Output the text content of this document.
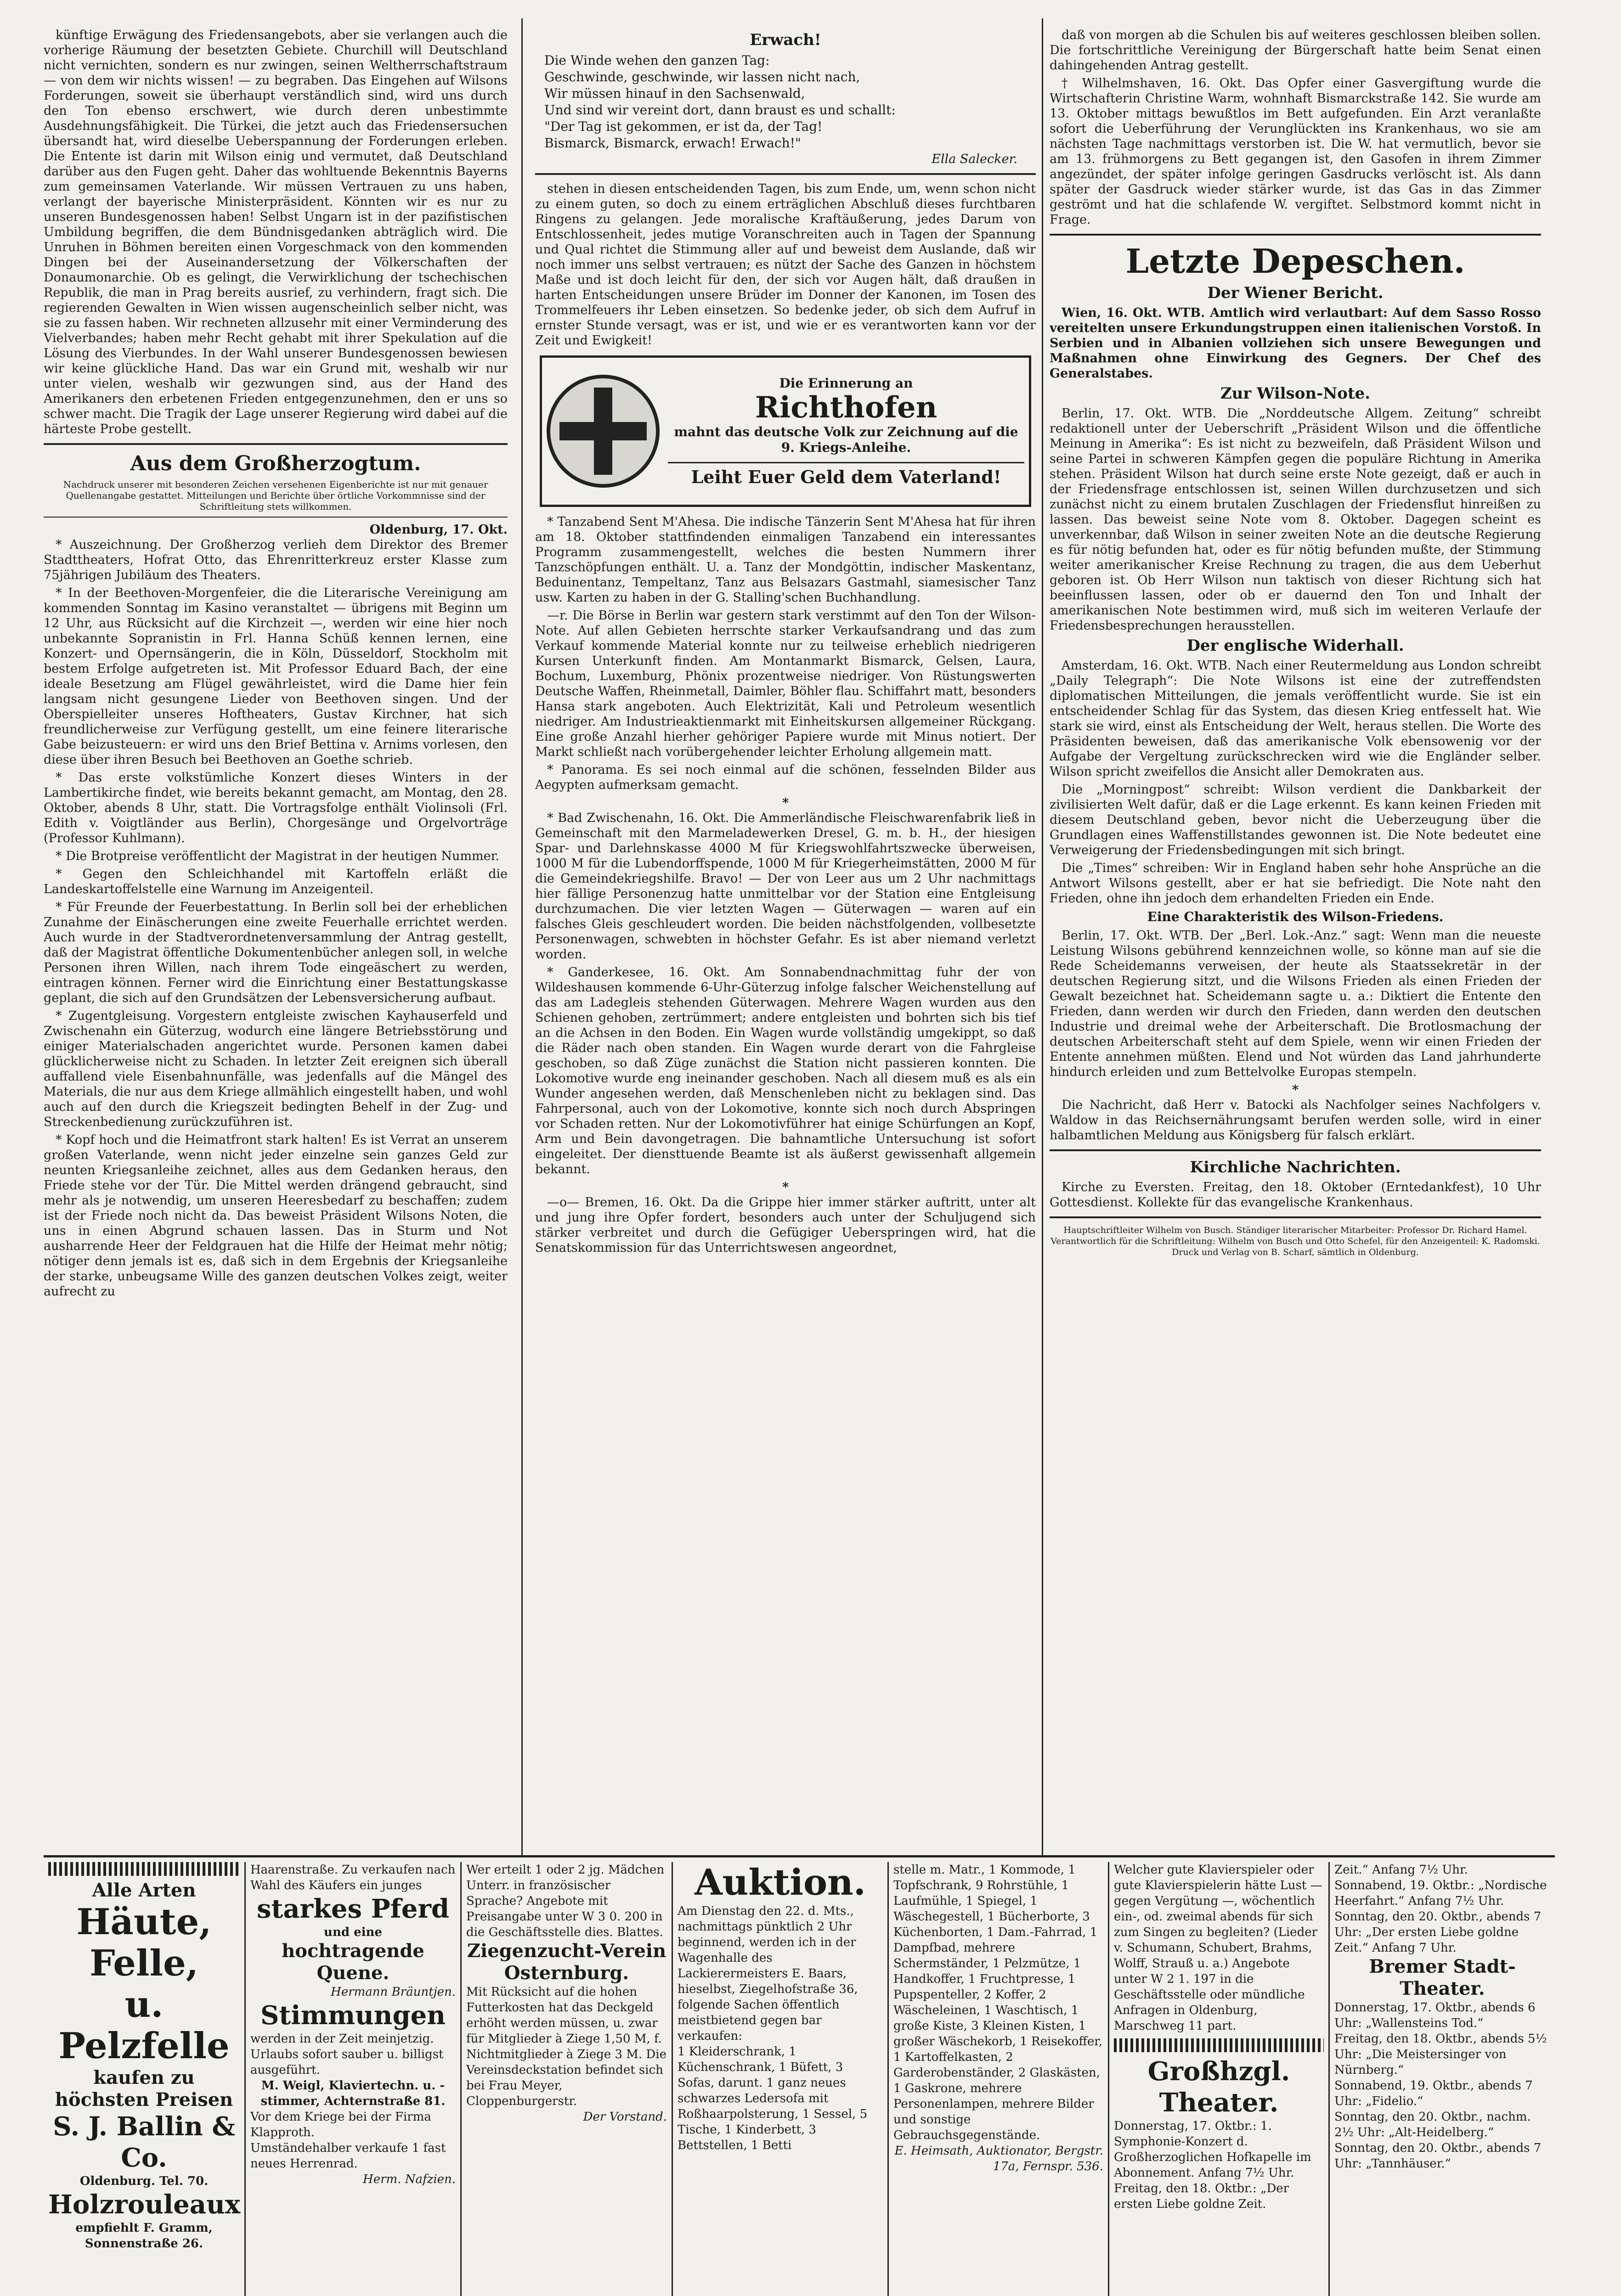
künftige Erwägung des Friedensangebots, aber sie verlangen auch die vorherige Räumung der besetzten Gebiete. Churchill will Deutschland nicht vernichten, sondern es nur zwingen, seinen Weltherrschaftstraum — von dem wir nichts wissen! — zu begraben. Das Eingehen auf Wilsons Forderungen, soweit sie überhaupt verständlich sind, wird uns durch den Ton ebenso erschwert, wie durch deren unbestimmte Ausdehnungsfähigkeit. Die Türkei, die jetzt auch das Friedensersuchen übersandt hat, wird dieselbe Ueberspannung der Forderungen erleben. Die Entente ist darin mit Wilson einig und vermutet, daß Deutschland darüber aus den Fugen geht. Daher das wohltuende Bekenntnis Bayerns zum gemeinsamen Vaterlande. Wir müssen Vertrauen zu uns haben, verlangt der bayerische Ministerpräsident. Könnten wir es nur zu unseren Bundesgenossen haben! Selbst Ungarn ist in der pazifistischen Umbildung begriffen, die dem Bündnisgedanken abträglich wird. Die Unruhen in Böhmen bereiten einen Vorgeschmack von den kommenden Dingen bei der Auseinandersetzung der Völkerschaften der Donaumonarchie. Ob es gelingt, die Verwirklichung der tschechischen Republik, die man in Prag bereits ausrief, zu verhindern, fragt sich. Die regierenden Gewalten in Wien wissen augenscheinlich selber nicht, was sie zu fassen haben. Wir rechneten allzusehr mit einer Verminderung des Vielverbandes; haben mehr Recht gehabt mit ihrer Spekulation auf die Lösung des Vierbundes. In der Wahl unserer Bundesgenossen bewiesen wir keine glückliche Hand. Das war ein Grund mit, weshalb wir nur unter vielen, weshalb wir gezwungen sind, aus der Hand des Amerikaners den erbetenen Frieden entgegenzunehmen, den er uns so schwer macht. Die Tragik der Lage unserer Regierung wird dabei auf die härteste Probe gestellt.

Aus dem Großherzogtum.
Nachdruck unserer mit besonderen Zeichen versehenen Eigenberichte ist nur mit genauer Quellenangabe gestattet. Mitteilungen und Berichte über örtliche Vorkommnisse sind der Schriftleitung stets willkommen.
Oldenburg, 17. Okt.

* Auszeichnung. Der Großherzog verlieh dem Direktor des Bremer Stadttheaters, Hofrat Otto, das Ehrenritterkreuz erster Klasse zum 75jährigen Jubiläum des Theaters.

* In der Beethoven-Morgenfeier, die die Literarische Vereinigung am kommenden Sonntag im Kasino veranstaltet — übrigens mit Beginn um 12 Uhr, aus Rücksicht auf die Kirchzeit —, werden wir eine hier noch unbekannte Sopranistin in Frl. Hanna Schüß kennen lernen, eine Konzert- und Opernsängerin, die in Köln, Düsseldorf, Stockholm mit bestem Erfolge aufgetreten ist. Mit Professor Eduard Bach, der eine ideale Besetzung am Flügel gewährleistet, wird die Dame hier fein langsam nicht gesungene Lieder von Beethoven singen. Und der Oberspielleiter unseres Hoftheaters, Gustav Kirchner, hat sich freundlicherweise zur Verfügung gestellt, um eine feinere literarische Gabe beizusteuern: er wird uns den Brief Bettina v. Arnims vorlesen, den diese über ihren Besuch bei Beethoven an Goethe schrieb.

* Das erste volkstümliche Konzert dieses Winters in der Lambertikirche findet, wie bereits bekannt gemacht, am Montag, den 28. Oktober, abends 8 Uhr, statt. Die Vortragsfolge enthält Violinsoli (Frl. Edith v. Voigtländer aus Berlin), Chorgesänge und Orgelvorträge (Professor Kuhlmann).

* Die Brotpreise veröffentlicht der Magistrat in der heutigen Nummer.

* Gegen den Schleichhandel mit Kartoffeln erläßt die Landeskartoffelstelle eine Warnung im Anzeigenteil.

* Für Freunde der Feuerbestattung. In Berlin soll bei der erheblichen Zunahme der Einäscherungen eine zweite Feuerhalle errichtet werden. Auch wurde in der Stadtverordnetenversammlung der Antrag gestellt, daß der Magistrat öffentliche Dokumentenbücher anlegen soll, in welche Personen ihren Willen, nach ihrem Tode eingeäschert zu werden, eintragen können. Ferner wird die Einrichtung einer Bestattungskasse geplant, die sich auf den Grundsätzen der Lebensversicherung aufbaut.

* Zugentgleisung. Vorgestern entgleiste zwischen Kayhauserfeld und Zwischenahn ein Güterzug, wodurch eine längere Betriebsstörung und einiger Materialschaden angerichtet wurde. Personen kamen dabei glücklicherweise nicht zu Schaden. In letzter Zeit ereignen sich überall auffallend viele Eisenbahnunfälle, was jedenfalls auf die Mängel des Materials, die nur aus dem Kriege allmählich eingestellt haben, und wohl auch auf den durch die Kriegszeit bedingten Behelf in der Zug- und Streckenbedienung zurückzuführen ist.

* Kopf hoch und die Heimatfront stark halten! Es ist Verrat an unserem großen Vaterlande, wenn nicht jeder einzelne sein ganzes Geld zur neunten Kriegsanleihe zeichnet, alles aus dem Gedanken heraus, den Friede stehe vor der Tür. Die Mittel werden drängend gebraucht, sind mehr als je notwendig, um unseren Heeresbedarf zu beschaffen; zudem ist der Friede noch nicht da. Das beweist Präsident Wilsons Noten, die uns in einen Abgrund schauen lassen. Das in Sturm und Not ausharrende Heer der Feldgrauen hat die Hilfe der Heimat mehr nötig; nötiger denn jemals ist es, daß sich in dem Ergebnis der Kriegsanleihe der starke, unbeugsame Wille des ganzen deutschen Volkes zeigt, weiter aufrecht zu

Erwach!
Die Winde wehen den ganzen Tag:
Geschwinde, geschwinde, wir lassen nicht nach,
Wir müssen hinauf in den Sachsenwald,
Und sind wir vereint dort, dann braust es und schallt:
"Der Tag ist gekommen, er ist da, der Tag!
Bismarck, Bismarck, erwach! Erwach!"
Ella Salecker.

stehen in diesen entscheidenden Tagen, bis zum Ende, um, wenn schon nicht zu einem guten, so doch zu einem erträglichen Abschluß dieses furchtbaren Ringens zu gelangen. Jede moralische Kraftäußerung, jedes Darum von Entschlossenheit, jedes mutige Voranschreiten auch in Tagen der Spannung und Qual richtet die Stimmung aller auf und beweist dem Auslande, daß wir noch immer uns selbst vertrauen; es nützt der Sache des Ganzen in höchstem Maße und ist doch leicht für den, der sich vor Augen hält, daß draußen in harten Entscheidungen unsere Brüder im Donner der Kanonen, im Tosen des Trommelfeuers ihr Leben einsetzen. So bedenke jeder, ob sich dem Aufruf in ernster Stunde versagt, was er ist, und wie er es verantworten kann vor der Zeit und Ewigkeit!

Die Erinnerung an
Richthofen
mahnt das deutsche Volk zur Zeichnung auf die 9. Kriegs-Anleihe.
Leiht Euer Geld dem Vaterland!

* Tanzabend Sent M'Ahesa. Die indische Tänzerin Sent M'Ahesa hat für ihren am 18. Oktober stattfindenden einmaligen Tanzabend ein interessantes Programm zusammengestellt, welches die besten Nummern ihrer Tanzschöpfungen enthält. U. a. Tanz der Mondgöttin, indischer Maskentanz, Beduinentanz, Tempeltanz, Tanz aus Belsazars Gastmahl, siamesischer Tanz usw. Karten zu haben in der G. Stalling'schen Buchhandlung.

—r. Die Börse in Berlin war gestern stark verstimmt auf den Ton der Wilson-Note. Auf allen Gebieten herrschte starker Verkaufsandrang und das zum Verkauf kommende Material konnte nur zu teilweise erheblich niedrigeren Kursen Unterkunft finden. Am Montanmarkt Bismarck, Gelsen, Laura, Bochum, Luxemburg, Phönix prozentweise niedriger. Von Rüstungswerten Deutsche Waffen, Rheinmetall, Daimler, Böhler flau. Schiffahrt matt, besonders Hansa stark angeboten. Auch Elektrizität, Kali und Petroleum wesentlich niedriger. Am Industrieaktienmarkt mit Einheitskursen allgemeiner Rückgang. Eine große Anzahl hierher gehöriger Papiere wurde mit Minus notiert. Der Markt schließt nach vorübergehender leichter Erholung allgemein matt.

* Panorama. Es sei noch einmal auf die schönen, fesselnden Bilder aus Aegypten aufmerksam gemacht.

*

* Bad Zwischenahn, 16. Okt. Die Ammerländische Fleischwarenfabrik ließ in Gemeinschaft mit den Marmeladewerken Dresel, G. m. b. H., der hiesigen Spar- und Darlehnskasse 4000 M für Kriegswohlfahrtszwecke überweisen, 1000 M für die Lubendorffspende, 1000 M für Kriegerheimstätten, 2000 M für die Gemeindekriegshilfe. Bravo! — Der von Leer aus um 2 Uhr nachmittags hier fällige Personenzug hatte unmittelbar vor der Station eine Entgleisung durchzumachen. Die vier letzten Wagen — Güterwagen — waren auf ein falsches Gleis geschleudert worden. Die beiden nächstfolgenden, vollbesetzte Personenwagen, schwebten in höchster Gefahr. Es ist aber niemand verletzt worden.

* Ganderkesee, 16. Okt. Am Sonnabendnachmittag fuhr der von Wildeshausen kommende 6-Uhr-Güterzug infolge falscher Weichenstellung auf das am Ladegleis stehenden Güterwagen. Mehrere Wagen wurden aus den Schienen gehoben, zertrümmert; andere entgleisten und bohrten sich bis tief an die Achsen in den Boden. Ein Wagen wurde vollständig umgekippt, so daß die Räder nach oben standen. Ein Wagen wurde derart von die Fahrgleise geschoben, so daß Züge zunächst die Station nicht passieren konnten. Die Lokomotive wurde eng ineinander geschoben. Nach all diesem muß es als ein Wunder angesehen werden, daß Menschenleben nicht zu beklagen sind. Das Fahrpersonal, auch von der Lokomotive, konnte sich noch durch Abspringen vor Schaden retten. Nur der Lokomotivführer hat einige Schürfungen an Kopf, Arm und Bein davongetragen. Die bahnamtliche Untersuchung ist sofort eingeleitet. Der diensttuende Beamte ist als äußerst gewissenhaft allgemein bekannt.

*

—o— Bremen, 16. Okt. Da die Grippe hier immer stärker auftritt, unter alt und jung ihre Opfer fordert, besonders auch unter der Schuljugend sich stärker verbreitet und durch die Gefügiger Ueberspringen wird, hat die Senatskommission für das Unterrichtswesen angeordnet,

daß von morgen ab die Schulen bis auf weiteres geschlossen bleiben sollen. Die fortschrittliche Vereinigung der Bürgerschaft hatte beim Senat einen dahingehenden Antrag gestellt.

† Wilhelmshaven, 16. Okt. Das Opfer einer Gasvergiftung wurde die Wirtschafterin Christine Warm, wohnhaft Bismarckstraße 142. Sie wurde am 13. Oktober mittags bewußtlos im Bett aufgefunden. Ein Arzt veranlaßte sofort die Ueberführung der Verunglückten ins Krankenhaus, wo sie am nächsten Tage nachmittags verstorben ist. Die W. hat vermutlich, bevor sie am 13. frühmorgens zu Bett gegangen ist, den Gasofen in ihrem Zimmer angezündet, der später infolge geringen Gasdrucks verlöscht ist. Als dann später der Gasdruck wieder stärker wurde, ist das Gas in das Zimmer geströmt und hat die schlafende W. vergiftet. Selbstmord kommt nicht in Frage.

Letzte Depeschen.
Der Wiener Bericht.

Wien, 16. Okt. WTB. Amtlich wird verlautbart: Auf dem Sasso Rosso vereitelten unsere Erkundungstruppen einen italienischen Vorstoß. In Serbien und in Albanien vollziehen sich unsere Bewegungen und Maßnahmen ohne Einwirkung des Gegners. Der Chef des Generalstabes.

Zur Wilson-Note.

Berlin, 17. Okt. WTB. Die „Norddeutsche Allgem. Zeitung“ schreibt redaktionell unter der Ueberschrift „Präsident Wilson und die öffentliche Meinung in Amerika“: Es ist nicht zu bezweifeln, daß Präsident Wilson und seine Partei in schweren Kämpfen gegen die populäre Richtung in Amerika stehen. Präsident Wilson hat durch seine erste Note gezeigt, daß er auch in der Friedensfrage entschlossen ist, seinen Willen durchzusetzen und sich zunächst nicht zu einem brutalen Zuschlagen der Friedensflut hinreißen zu lassen. Das beweist seine Note vom 8. Oktober. Dagegen scheint es unverkennbar, daß Wilson in seiner zweiten Note an die deutsche Regierung es für nötig befunden hat, oder es für nötig befunden mußte, der Stimmung weiter amerikanischer Kreise Rechnung zu tragen, die aus dem Ueberhut geboren ist. Ob Herr Wilson nun taktisch von dieser Richtung sich hat beeinflussen lassen, oder ob er dauernd den Ton und Inhalt der amerikanischen Note bestimmen wird, muß sich im weiteren Verlaufe der Friedensbesprechungen herausstellen.

Der englische Widerhall.

Amsterdam, 16. Okt. WTB. Nach einer Reutermeldung aus London schreibt „Daily Telegraph“: Die Note Wilsons ist eine der zutreffendsten diplomatischen Mitteilungen, die jemals veröffentlicht wurde. Sie ist ein entscheidender Schlag für das System, das diesen Krieg entfesselt hat. Wie stark sie wird, einst als Entscheidung der Welt, heraus stellen. Die Worte des Präsidenten beweisen, daß das amerikanische Volk ebensowenig vor der Aufgabe der Vergeltung zurückschrecken wird wie die Engländer selber. Wilson spricht zweifellos die Ansicht aller Demokraten aus.

Die „Morningpost“ schreibt: Wilson verdient die Dankbarkeit der zivilisierten Welt dafür, daß er die Lage erkennt. Es kann keinen Frieden mit diesem Deutschland geben, bevor nicht die Ueberzeugung über die Grundlagen eines Waffenstillstandes gewonnen ist. Die Note bedeutet eine Verweigerung der Friedensbedingungen mit sich bringt.

Die „Times“ schreiben: Wir in England haben sehr hohe Ansprüche an die Antwort Wilsons gestellt, aber er hat sie befriedigt. Die Note naht den Frieden, ohne ihn jedoch dem erhandelten Frieden ein Ende.

Eine Charakteristik des Wilson-Friedens.

Berlin, 17. Okt. WTB. Der „Berl. Lok.-Anz.“ sagt: Wenn man die neueste Leistung Wilsons gebührend kennzeichnen wolle, so könne man auf sie die Rede Scheidemanns verweisen, der heute als Staatssekretär in der deutschen Regierung sitzt, und die Wilsons Frieden als einen Frieden der Gewalt bezeichnet hat. Scheidemann sagte u. a.: Diktiert die Entente den Frieden, dann werden wir durch den Frieden, dann werden den deutschen Industrie und dreimal wehe der Arbeiterschaft. Die Brotlosmachung der deutschen Arbeiterschaft steht auf dem Spiele, wenn wir einen Frieden der Entente annehmen müßten. Elend und Not würden das Land jahrhunderte hindurch erleiden und zum Bettelvolke Europas stempeln.

*

Die Nachricht, daß Herr v. Batocki als Nachfolger seines Nachfolgers v. Waldow in das Reichsernährungsamt berufen werden solle, wird in einer halbamtlichen Meldung aus Königsberg für falsch erklärt.

Kirchliche Nachrichten.

Kirche zu Eversten. Freitag, den 18. Oktober (Erntedankfest), 10 Uhr Gottesdienst. Kollekte für das evangelische Krankenhaus.

Hauptschriftleiter Wilhelm von Busch. Ständiger literarischer Mitarbeiter: Professor Dr. Richard Hamel. Verantwortlich für die Schriftleitung: Wilhelm von Busch und Otto Schefel, für den Anzeigenteil: K. Radomski. Druck und Verlag von B. Scharf, sämtlich in Oldenburg.
Alle Arten
Häute, Felle,
u. Pelzfelle
kaufen zu höchsten Preisen
S. J. Ballin & Co.
Oldenburg. Tel. 70.
Holzrouleaux
empfiehlt F. Gramm, Sonnenstraße 26.
Haarenstraße. Zu verkaufen nach Wahl des Käufers ein junges
starkes Pferd
und eine
hochtragende Quene.
Hermann Bräuntjen.
Stimmungen
werden in der Zeit meinjetzig. Urlaubs sofort sauber u. billigst ausgeführt.
M. Weigl, Klaviertechn. u. -stimmer, Achternstraße 81.
Vor dem Kriege bei der Firma Klapproth.
Umständehalber verkaufe 1 fast neues Herrenrad.
Herm. Nafzien.
Wer erteilt 1 oder 2 jg. Mädchen Unterr. in französischer Sprache? Angebote mit Preisangabe unter W 3 0. 200 in die Geschäftsstelle dies. Blattes.
Ziegenzucht-Verein
Osternburg.
Mit Rücksicht auf die hohen Futterkosten hat das Deckgeld erhöht werden müssen, u. zwar für Mitglieder à Ziege 1,50 M, f. Nichtmitglieder à Ziege 3 M. Die Vereinsdeckstation befindet sich bei Frau Meyer, Cloppenburgerstr.
Der Vorstand.
Auktion.
Am Dienstag den 22. d. Mts., nachmittags pünktlich 2 Uhr beginnend, werden ich in der Wagenhalle des Lackierermeisters E. Baars, hieselbst, Ziegelhofstraße 36, folgende Sachen öffentlich meistbietend gegen bar verkaufen:
1 Kleiderschrank, 1 Küchenschrank, 1 Büfett, 3 Sofas, darunt. 1 ganz neues schwarzes Ledersofa mit Roßhaarpolsterung, 1 Sessel, 5 Tische, 1 Kinderbett, 3 Bettstellen, 1 Betti
stelle m. Matr., 1 Kommode, 1 Topfschrank, 9 Rohrstühle, 1 Laufmühle, 1 Spiegel, 1 Wäschegestell, 1 Bücherborte, 3 Küchenborten, 1 Dam.-Fahrrad, 1 Dampfbad, mehrere Schermständer, 1 Pelzmütze, 1 Handkoffer, 1 Fruchtpresse, 1 Pupspenteller, 2 Koffer, 2 Wäscheleinen, 1 Waschtisch, 1 große Kiste, 3 Kleinen Kisten, 1 großer Wäschekorb, 1 Reisekoffer, 1 Kartoffelkasten, 2 Garderobenständer, 2 Glaskästen, 1 Gaskrone, mehrere Personenlampen, mehrere Bilder und sonstige Gebrauchsgegenstände.
E. Heimsath, Auktionator, Bergstr. 17a, Fernspr. 536.
Welcher gute Klavierspieler oder gute Klavierspielerin hätte Lust — gegen Vergütung —, wöchentlich ein-, od. zweimal abends für sich zum Singen zu begleiten? (Lieder v. Schumann, Schubert, Brahms, Wolff, Strauß u. a.) Angebote unter W 2 1. 197 in die Geschäftsstelle oder mündliche Anfragen in Oldenburg, Marschweg 11 part.
Großhzgl. Theater.
Donnerstag, 17. Oktbr.: 1. Symphonie-Konzert d. Großherzoglichen Hofkapelle im Abonnement. Anfang 7½ Uhr.
Freitag, den 18. Oktbr.: „Der ersten Liebe goldne Zeit.
Zeit.“ Anfang 7½ Uhr.
Sonnabend, 19. Oktbr.: „Nordische Heerfahrt.“ Anfang 7½ Uhr.
Sonntag, den 20. Oktbr., abends 7 Uhr: „Der ersten Liebe goldne Zeit.“ Anfang 7 Uhr.
Bremer Stadt-Theater.
Donnerstag, 17. Oktbr., abends 6 Uhr: „Wallensteins Tod.“
Freitag, den 18. Oktbr., abends 5½ Uhr: „Die Meistersinger von Nürnberg.“
Sonnabend, 19. Oktbr., abends 7 Uhr: „Fidelio.“
Sonntag, den 20. Oktbr., nachm. 2½ Uhr: „Alt-Heidelberg.“
Sonntag, den 20. Oktbr., abends 7 Uhr: „Tannhäuser.“
